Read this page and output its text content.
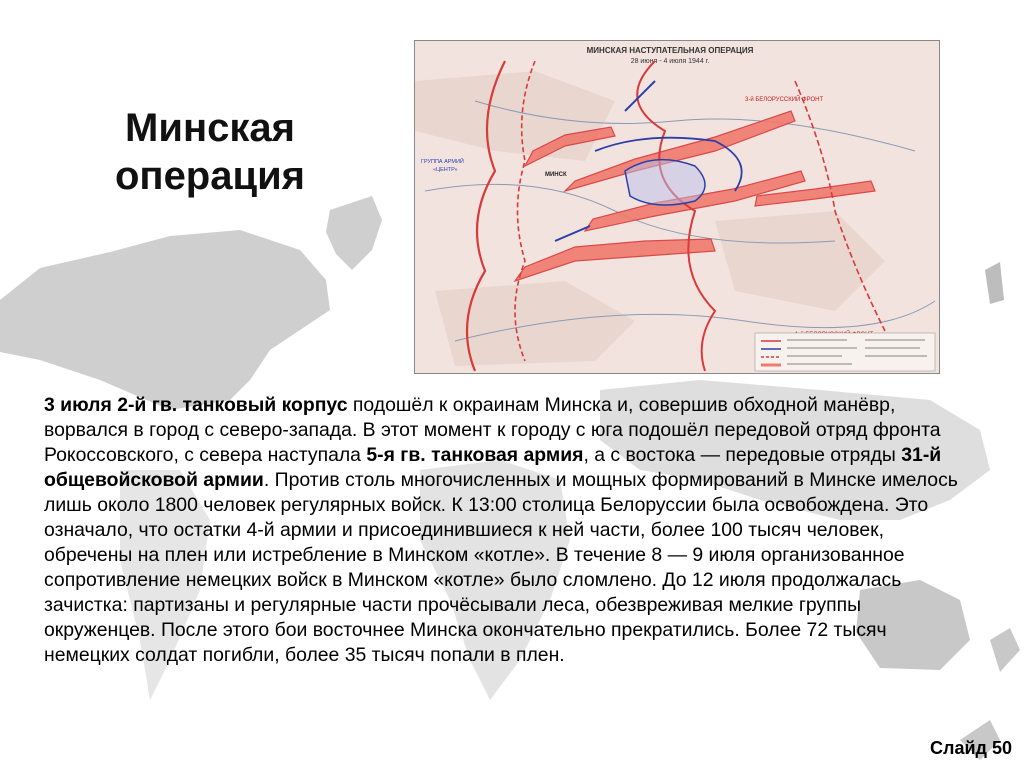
Минская
операция
МИНСКАЯ НАСТУПАТЕЛЬНАЯ ОПЕРАЦИЯ
28 июня - 4 июля 1944 г.
3-й БЕЛОРУССКИЙ ФРОНТ
МИНСК
ГРУППА АРМИЙ
«ЦЕНТР»
3 июля 2-й гв. танковый корпус подошёл к окраинам Минска и, совершив обходной манёвр, ворвался в город с северо-запада. В этот момент к городу с юга подошёл передовой отряд фронта Рокоссовского, с севера наступала 5-я гв. танковая армия, а с востока — передовые отряды 31-й общевойсковой армии. Против столь многочисленных и мощных формирований в Минске имелось лишь около 1800 человек регулярных войск. К 13:00 столица Белоруссии была освобождена. Это означало, что остатки 4-й армии и присоединившиеся к ней части, более 100 тысяч человек, обречены на плен или истребление в Минском «котле». В течение 8 — 9 июля организованное сопротивление немецких войск в Минском «котле» было сломлено. До 12 июля продолжалась зачистка: партизаны и регулярные части прочёсывали леса, обезвреживая мелкие группы окруженцев. После этого бои восточнее Минска окончательно прекратились. Более 72 тысяч немецких солдат погибли, более 35 тысяч попали в плен.
Слайд 50
